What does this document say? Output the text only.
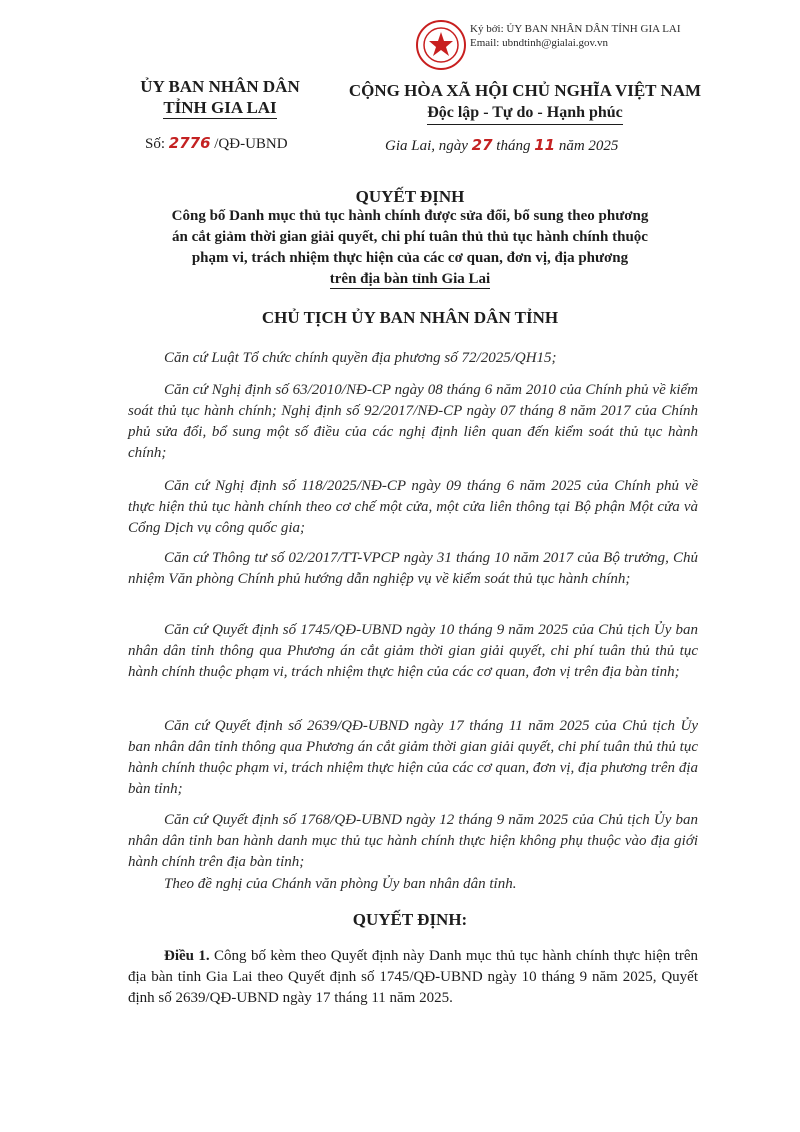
Ký bởi: ỦY BAN NHÂN DÂN TỈNH GIA LAI
Email: ubndtinh@gialai.gov.vn
ỦY BAN NHÂN DÂN
TỈNH GIA LAI
CỘNG HÒA XÃ HỘI CHỦ NGHĨA VIỆT NAM
Độc lập - Tự do - Hạnh phúc
Số: 2776 /QĐ-UBND	Gia Lai, ngày 27 tháng 11 năm 2025
QUYẾT ĐỊNH
Công bố Danh mục thủ tục hành chính được sửa đổi, bổ sung theo phương
án cắt giảm thời gian giải quyết, chi phí tuân thủ thủ tục hành chính thuộc
phạm vi, trách nhiệm thực hiện của các cơ quan, đơn vị, địa phương
trên địa bàn tỉnh Gia Lai
CHỦ TỊCH ỦY BAN NHÂN DÂN TỈNH
Căn cứ Luật Tổ chức chính quyền địa phương số 72/2025/QH15;
Căn cứ Nghị định số 63/2010/NĐ-CP ngày 08 tháng 6 năm 2010 của Chính phủ về kiểm soát thủ tục hành chính; Nghị định số 92/2017/NĐ-CP ngày 07 tháng 8 năm 2017 của Chính phủ sửa đổi, bổ sung một số điều của các nghị định liên quan đến kiểm soát thủ tục hành chính;
Căn cứ Nghị định số 118/2025/NĐ-CP ngày 09 tháng 6 năm 2025 của Chính phủ về thực hiện thủ tục hành chính theo cơ chế một cửa, một cửa liên thông tại Bộ phận Một cửa và Cổng Dịch vụ công quốc gia;
Căn cứ Thông tư số 02/2017/TT-VPCP ngày 31 tháng 10 năm 2017 của Bộ trưởng, Chủ nhiệm Văn phòng Chính phủ hướng dẫn nghiệp vụ về kiểm soát thủ tục hành chính;
Căn cứ Quyết định số 1745/QĐ-UBND ngày 10 tháng 9 năm 2025 của Chủ tịch Ủy ban nhân dân tỉnh thông qua Phương án cắt giảm thời gian giải quyết, chi phí tuân thủ thủ tục hành chính thuộc phạm vi, trách nhiệm thực hiện của các cơ quan, đơn vị trên địa bàn tỉnh;
Căn cứ Quyết định số 2639/QĐ-UBND ngày 17 tháng 11 năm 2025 của Chủ tịch Ủy ban nhân dân tỉnh thông qua Phương án cắt giảm thời gian giải quyết, chi phí tuân thủ thủ tục hành chính thuộc phạm vi, trách nhiệm thực hiện của các cơ quan, đơn vị, địa phương trên địa bàn tỉnh;
Căn cứ Quyết định số 1768/QĐ-UBND ngày 12 tháng 9 năm 2025 của Chủ tịch Ủy ban nhân dân tỉnh ban hành danh mục thủ tục hành chính thực hiện không phụ thuộc vào địa giới hành chính trên địa bàn tỉnh;
Theo đề nghị của Chánh văn phòng Ủy ban nhân dân tỉnh.
QUYẾT ĐỊNH:
Điều 1. Công bố kèm theo Quyết định này Danh mục thủ tục hành chính thực hiện trên địa bàn tỉnh Gia Lai theo Quyết định số 1745/QĐ-UBND ngày 10 tháng 9 năm 2025, Quyết định số 2639/QĐ-UBND ngày 17 tháng 11 năm 2025.
